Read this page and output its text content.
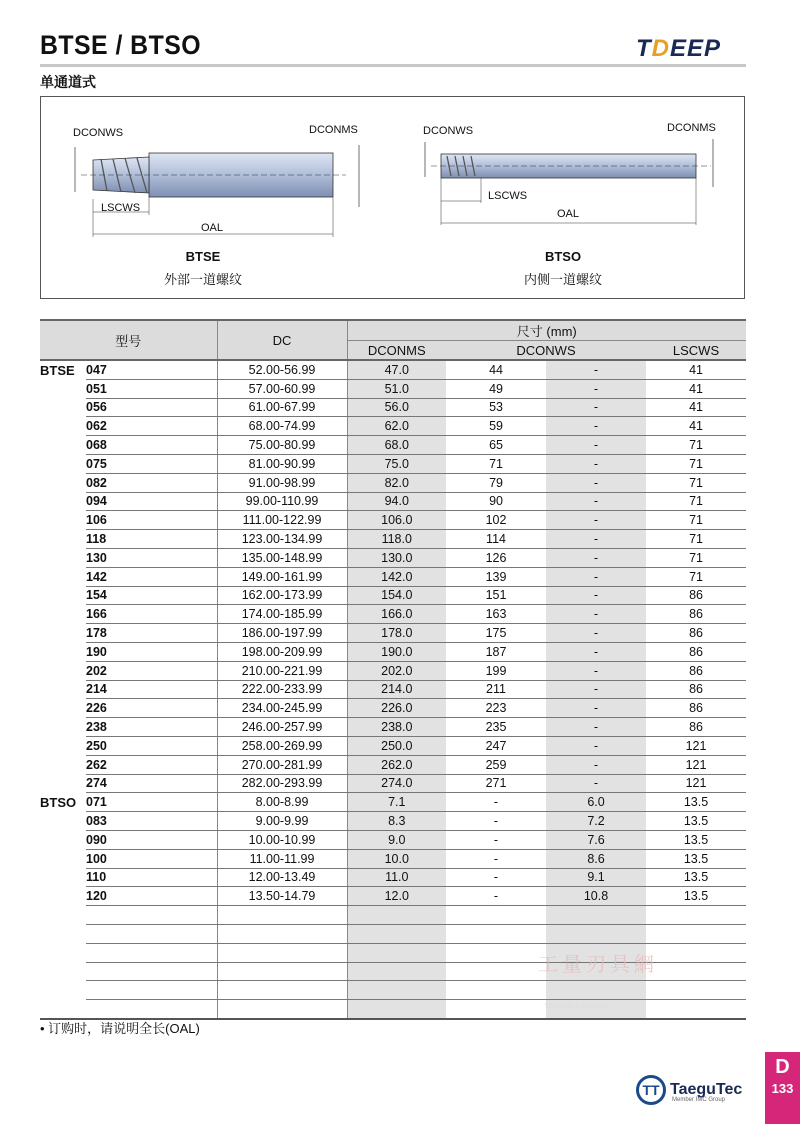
BTSE / BTSO	TDEEP
单通道式
DCONWS	DCONMS
LSCWS
OAL
BTSE
外部一道螺纹
DCONWS	DCONMS
LSCWS
OAL
BTSO
内侧一道螺纹
型号		DC	尺寸 (mm)			
			DCONMS	DCONWS		LSCWS
BTSE	047	52.00-56.99	47.0	44	-	41
	051	57.00-60.99	51.0	49	-	41
	056	61.00-67.99	56.0	53	-	41
	062	68.00-74.99	62.0	59	-	41
	068	75.00-80.99	68.0	65	-	71
	075	81.00-90.99	75.0	71	-	71
	082	91.00-98.99	82.0	79	-	71
	094	99.00-110.99	94.0	90	-	71
	106	111.00-122.99	106.0	102	-	71
	118	123.00-134.99	118.0	114	-	71
	130	135.00-148.99	130.0	126	-	71
	142	149.00-161.99	142.0	139	-	71
	154	162.00-173.99	154.0	151	-	86
	166	174.00-185.99	166.0	163	-	86
	178	186.00-197.99	178.0	175	-	86
	190	198.00-209.99	190.0	187	-	86
	202	210.00-221.99	202.0	199	-	86
	214	222.00-233.99	214.0	211	-	86
	226	234.00-245.99	226.0	223	-	86
	238	246.00-257.99	238.0	235	-	86
	250	258.00-269.99	250.0	247	-	121
	262	270.00-281.99	262.0	259	-	121
	274	282.00-293.99	274.0	271	-	121
BTSO	071	8.00-8.99	7.1	-	6.0	13.5
	083	9.00-9.99	8.3	-	7.2	13.5
	090	10.00-10.99	9.0	-	7.6	13.5
	100	11.00-11.99	10.0	-	8.6	13.5
	110	12.00-13.49	11.0	-	9.1	13.5
	120	13.50-14.79	12.0	-	10.8	13.5

• 订购时，请说明全长(OAL)
工量刃具網
WWW.GLRJW.COM
TT TaeguTec
Member IMC Group
D
133
